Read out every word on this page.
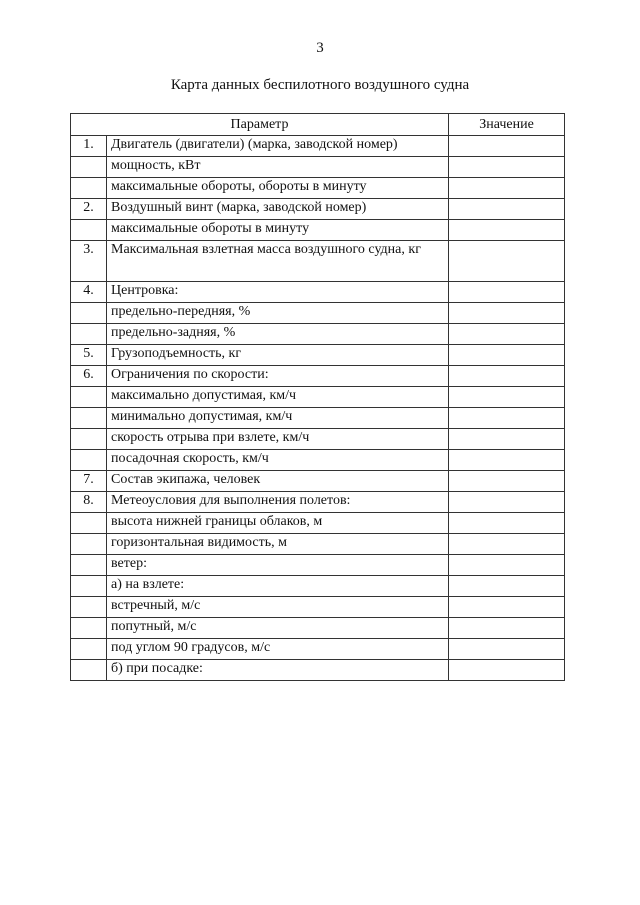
3
Карта данных беспилотного воздушного судна
Параметр		Значение
1.	Двигатель (двигатели) (марка, заводской номер)	
	мощность, кВт	
	максимальные обороты, обороты в минуту	
2.	Воздушный винт (марка, заводской номер)	
	максимальные обороты в минуту	
3.	Максимальная взлетная масса воздушного судна, кг	
4.	Центровка:	
	предельно-передняя, %	
	предельно-задняя, %	
5.	Грузоподъемность, кг	
6.	Ограничения по скорости:	
	максимально допустимая, км/ч	
	минимально допустимая, км/ч	
	скорость отрыва при взлете, км/ч	
	посадочная скорость, км/ч	
7.	Состав экипажа, человек	
8.	Метеоусловия для выполнения полетов:	
	высота нижней границы облаков, м	
	горизонтальная видимость, м	
	ветер:	
	а) на взлете:	
	встречный, м/с	
	попутный, м/с	
	под углом 90 градусов, м/с	
	б) при посадке:	
